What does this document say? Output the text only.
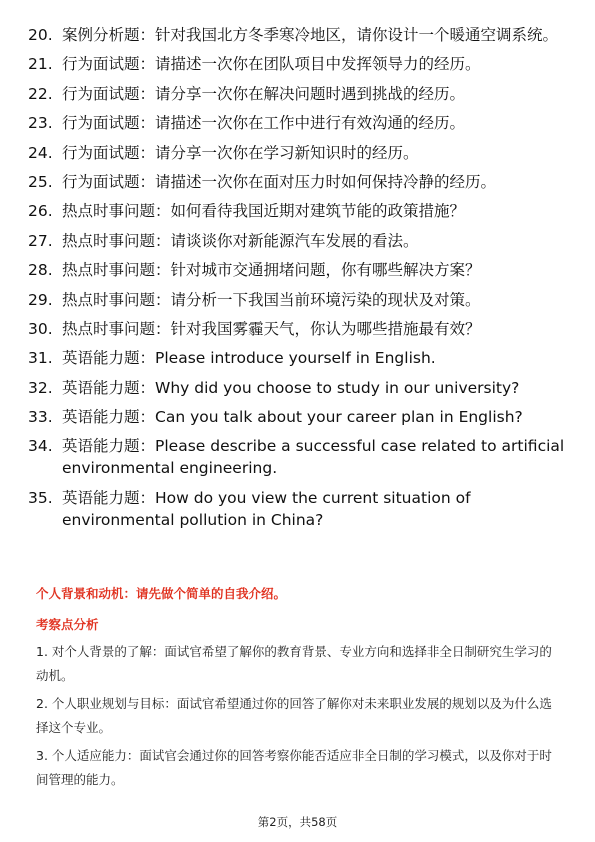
20. 案例分析题：针对我国北方冬季寒冷地区，请你设计一个暖通空调系统。
21. 行为面试题：请描述一次你在团队项目中发挥领导力的经历。
22. 行为面试题：请分享一次你在解决问题时遇到挑战的经历。
23. 行为面试题：请描述一次你在工作中进行有效沟通的经历。
24. 行为面试题：请分享一次你在学习新知识时的经历。
25. 行为面试题：请描述一次你在面对压力时如何保持冷静的经历。
26. 热点时事问题：如何看待我国近期对建筑节能的政策措施？
27. 热点时事问题：请谈谈你对新能源汽车发展的看法。
28. 热点时事问题：针对城市交通拥堵问题，你有哪些解决方案？
29. 热点时事问题：请分析一下我国当前环境污染的现状及对策。
30. 热点时事问题：针对我国雾霾天气，你认为哪些措施最有效？
31. 英语能力题：Please introduce yourself in English.
32. 英语能力题：Why did you choose to study in our university?
33. 英语能力题：Can you talk about your career plan in English?
34. 英语能力题：Please describe a successful case related to artificial environmental engineering.
35. 英语能力题：How do you view the current situation of environmental pollution in China?
个人背景和动机：请先做个简单的自我介绍。
考察点分析
1. 对个人背景的了解：面试官希望了解你的教育背景、专业方向和选择非全日制研究生学习的动机。
2. 个人职业规划与目标：面试官希望通过你的回答了解你对未来职业发展的规划以及为什么选择这个专业。
3. 个人适应能力：面试官会通过你的回答考察你能否适应非全日制的学习模式，以及你对于时间管理的能力。
第2页，共58页
